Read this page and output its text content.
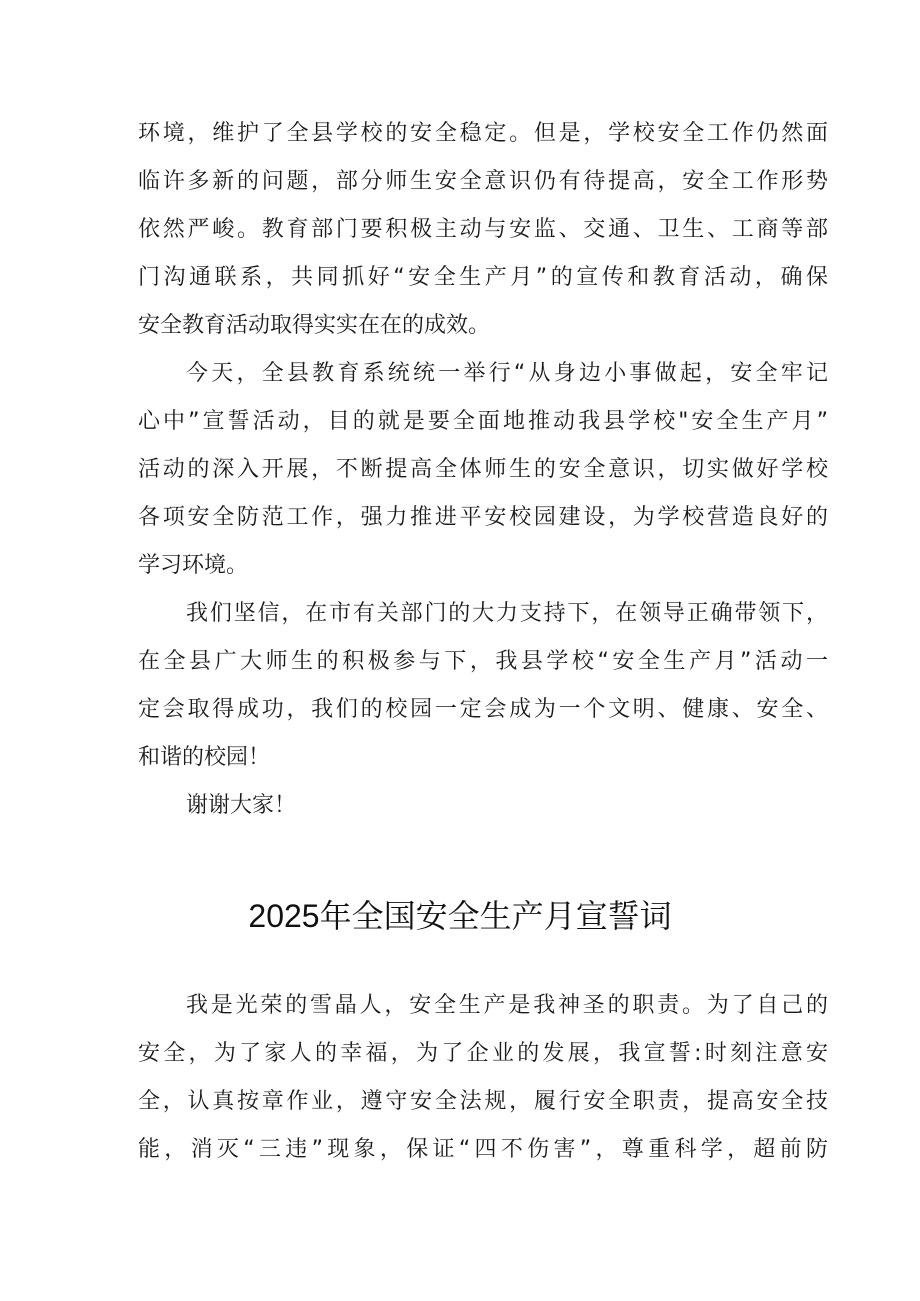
环境，维护了全县学校的安全稳定。但是，学校安全工作仍然面

临许多新的问题，部分师生安全意识仍有待提高，安全工作形势

依然严峻。教育部门要积极主动与安监、交通、卫生、工商等部

门沟通联系，共同抓好“安全生产月”的宣传和教育活动，确保

安全教育活动取得实实在在的成效。

今天，全县教育系统统一举行“从身边小事做起，安全牢记

心中”宣誓活动，目的就是要全面地推动我县学校"安全生产月”

活动的深入开展，不断提高全体师生的安全意识，切实做好学校

各项安全防范工作，强力推进平安校园建设，为学校营造良好的

学习环境。

我们坚信，在市有关部门的大力支持下，在领导正确带领下，

在全县广大师生的积极参与下，我县学校“安全生产月”活动一

定会取得成功，我们的校园一定会成为一个文明、健康、安全、

和谐的校园！

谢谢大家！

2025年全国安全生产月宣誓词

我是光荣的雪晶人，安全生产是我神圣的职责。为了自己的

安全，为了家人的幸福，为了企业的发展，我宣誓:时刻注意安

全，认真按章作业，遵守安全法规，履行安全职责，提高安全技

能，消灭“三违”现象，保证“四不伤害”，尊重科学，超前防
